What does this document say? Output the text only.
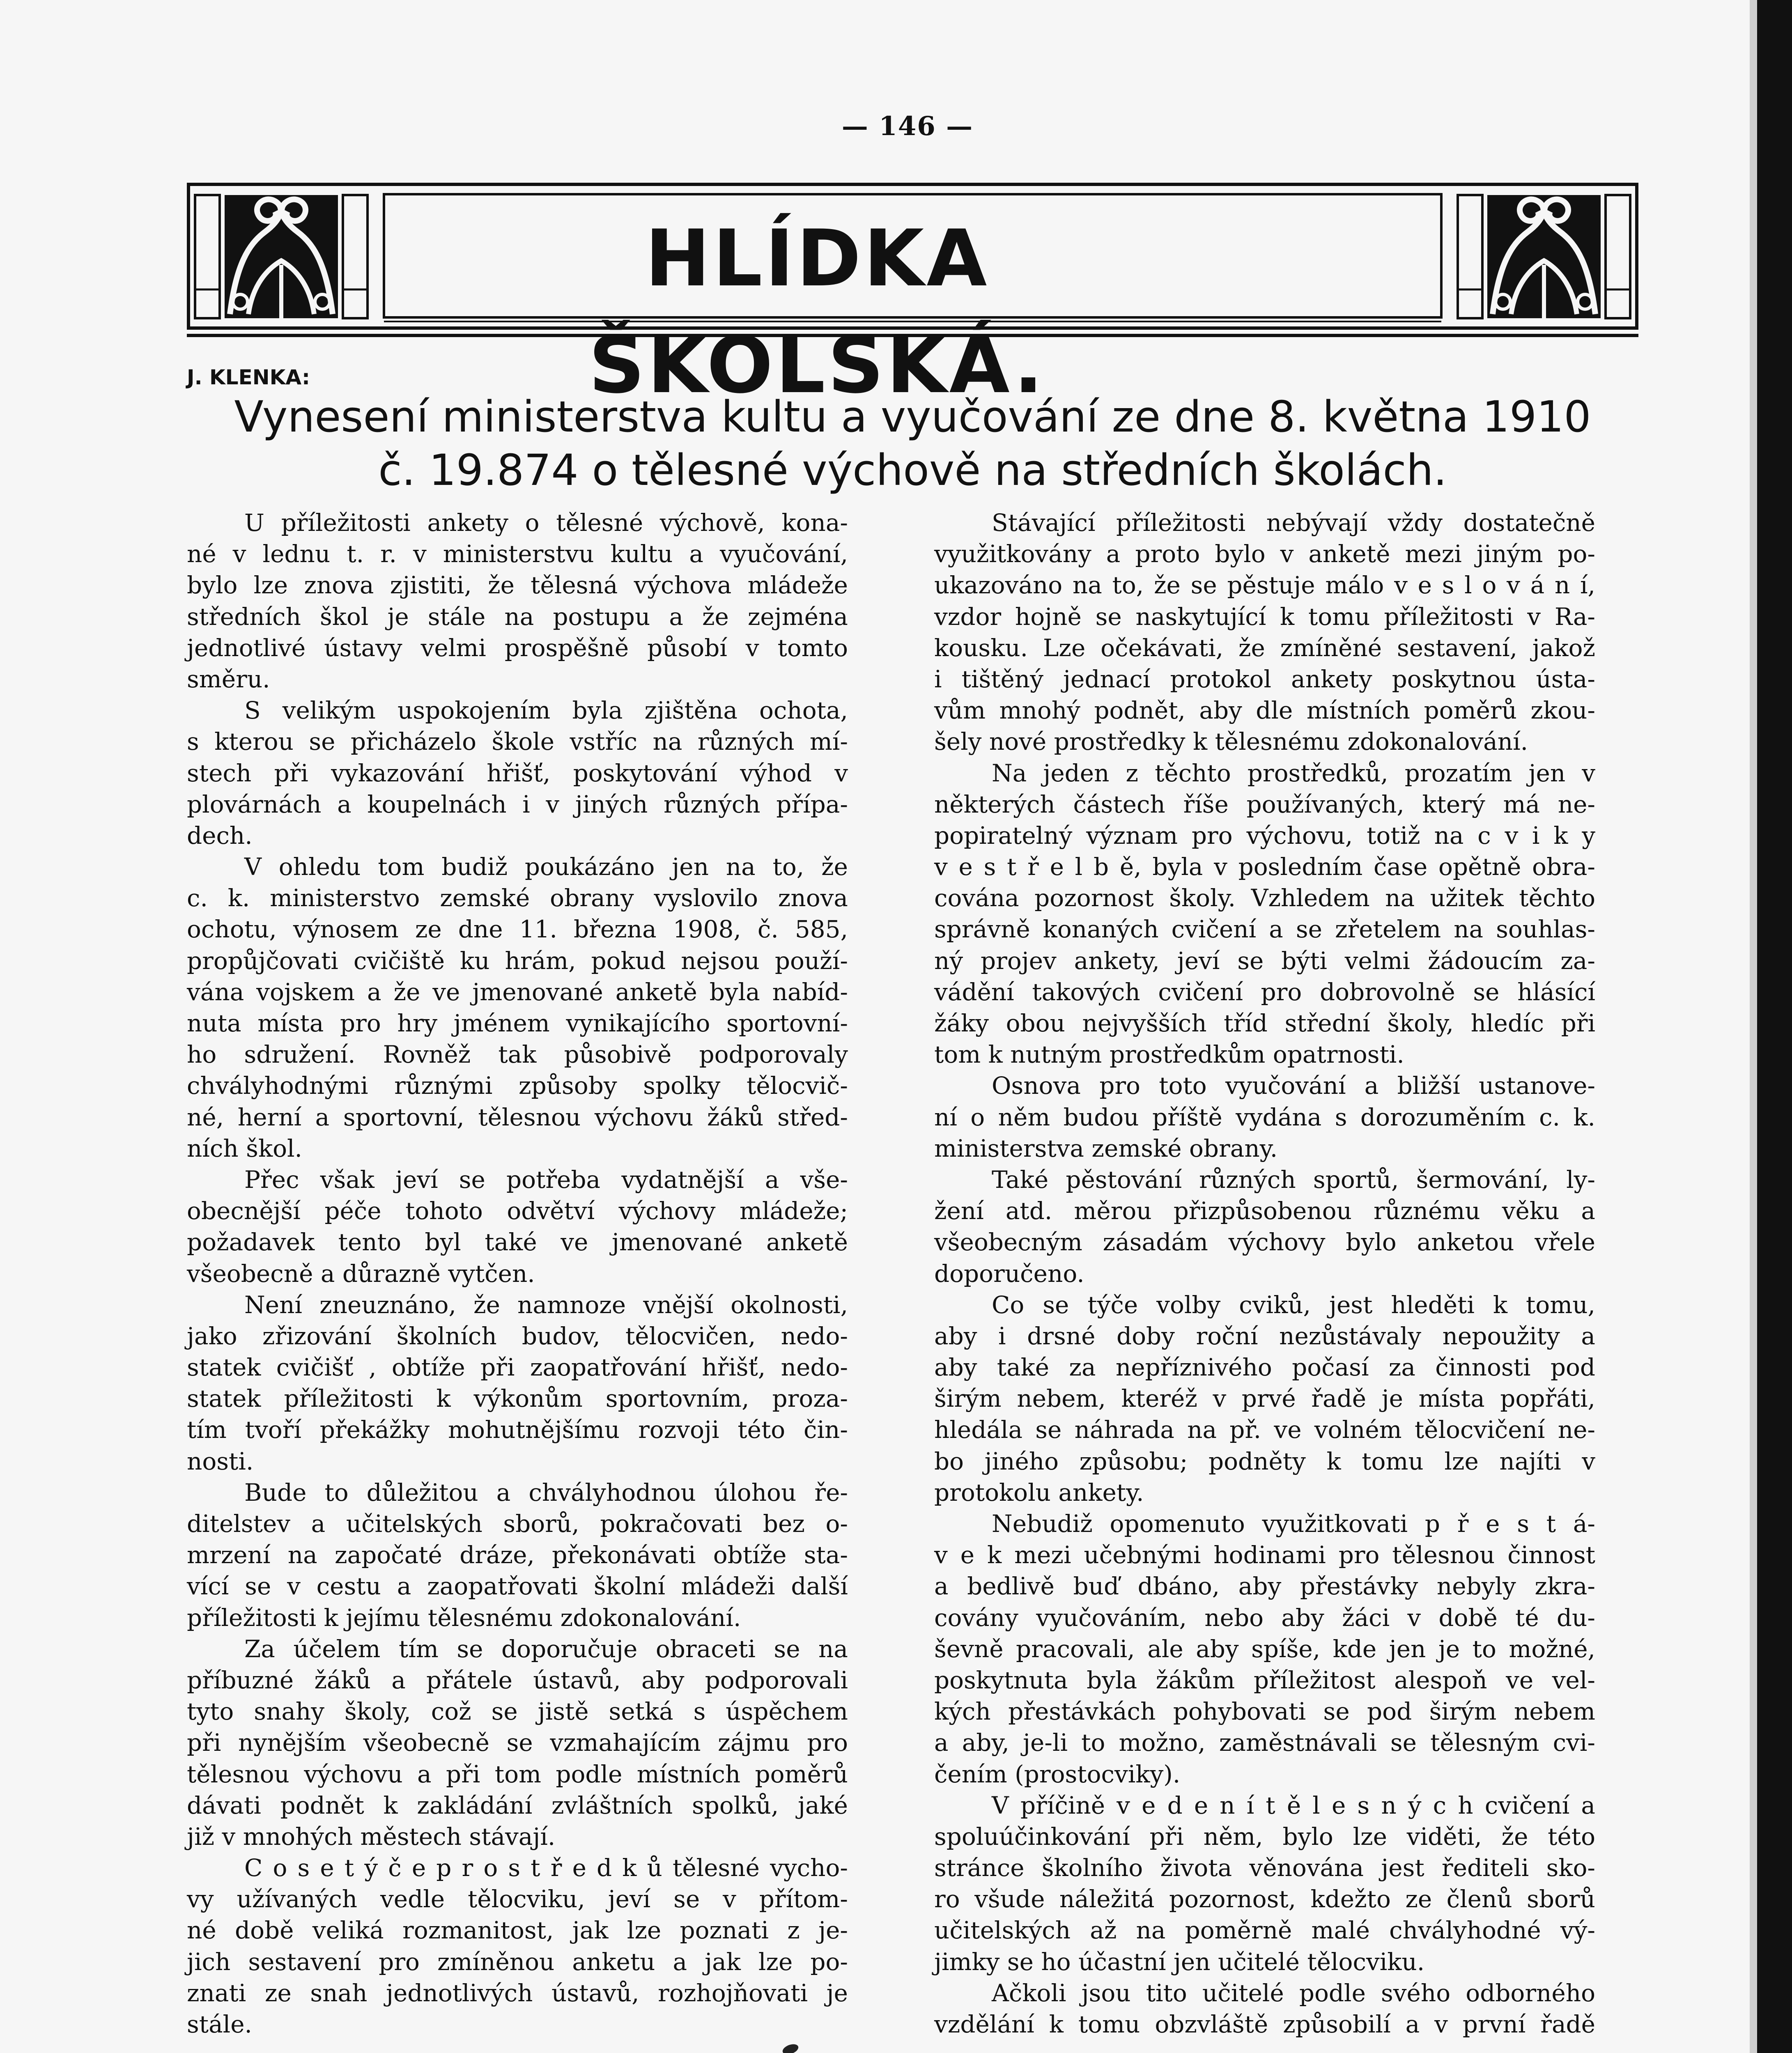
— 146 —
HLÍDKA ŠKOLSKÁ.
J. KLENKA:
Vynesení ministerstva kultu a vyučování ze dne 8. května 1910
č. 19.874 o tělesné výchově na středních školách.
U příležitosti ankety o tělesné výchově, kona-
né v lednu t. r. v ministerstvu kultu a vyučování,
bylo lze znova zjistiti, že tělesná výchova mládeže
středních škol je stále na postupu a že zejména
jednotlivé ústavy velmi prospěšně působí v tomto
směru.
S velikým uspokojením byla zjištěna ochota,
s kterou se přicházelo škole vstříc na různých mí-
stech při vykazování hřišť, poskytování výhod v
plovárnách a koupelnách i v jiných různých přípa-
dech.
V ohledu tom budiž poukázáno jen na to, že
c. k. ministerstvo zemské obrany vyslovilo znova
ochotu, výnosem ze dne 11. března 1908, č. 585,
propůjčovati cvičiště ku hrám, pokud nejsou použí-
vána vojskem a že ve jmenované anketě byla nabíd-
nuta místa pro hry jménem vynikajícího sportovní-
ho sdružení. Rovněž tak působivě podporovaly
chvályhodnými různými způsoby spolky tělocvič-
né, herní a sportovní, tělesnou výchovu žáků střed-
ních škol.
Přec však jeví se potřeba vydatnější a vše-
obecnější péče tohoto odvětví výchovy mládeže;
požadavek tento byl také ve jmenované anketě
všeobecně a důrazně vytčen.
Není zneuznáno, že namnoze vnější okolnosti,
jako zřizování školních budov, tělocvičen, nedo-
statek cvičišť , obtíže při zaopatřování hřišť, nedo-
statek příležitosti k výkonům sportovním, proza-
tím tvoří překážky mohutnějšímu rozvoji této čin-
nosti.
Bude to důležitou a chvályhodnou úlohou ře-
ditelstev a učitelských sborů, pokračovati bez o-
mrzení na započaté dráze, překonávati obtíže sta-
vící se v cestu a zaopatřovati školní mládeži další
příležitosti k jejímu tělesnému zdokonalování.
Za účelem tím se doporučuje obraceti se na
příbuzné žáků a přátele ústavů, aby podporovali
tyto snahy školy, což se jistě setká s úspěchem
při nynějším všeobecně se vzmahajícím zájmu pro
tělesnou výchovu a při tom podle místních poměrů
dávati podnět k zakládání zvláštních spolků, jaké
již v mnohých městech stávají.
C o s e t ý č e p r o s t ř e d k ů tělesné vycho-
vy užívaných vedle tělocviku, jeví se v přítom-
né době veliká rozmanitost, jak lze poznati z je-
jich sestavení pro zmíněnou anketu a jak lze po-
znati ze snah jednotlivých ústavů, rozhojňovati je
stále.
Stávající příležitosti nebývají vždy dostatečně
využitkovány a proto bylo v anketě mezi jiným po-
ukazováno na to, že se pěstuje málo v e s l o v á n í,
vzdor hojně se naskytující k tomu příležitosti v Ra-
kousku. Lze očekávati, že zmíněné sestavení, jakož
i tištěný jednací protokol ankety poskytnou ústa-
vům mnohý podnět, aby dle místních poměrů zkou-
šely nové prostředky k tělesnému zdokonalování.
Na jeden z těchto prostředků, prozatím jen v
některých částech říše používaných, který má ne-
popiratelný význam pro výchovu, totiž na c v i k y
v e s t ř e l b ě, byla v posledním čase opětně obra-
cována pozornost školy. Vzhledem na užitek těchto
správně konaných cvičení a se zřetelem na souhlas-
ný projev ankety, jeví se býti velmi žádoucím za-
vádění takových cvičení pro dobrovolně se hlásící
žáky obou nejvyšších tříd střední školy, hledíc při
tom k nutným prostředkům opatrnosti.
Osnova pro toto vyučování a bližší ustanove-
ní o něm budou příště vydána s dorozuměním c. k.
ministerstva zemské obrany.
Také pěstování různých sportů, šermování, ly-
žení atd. měrou přizpůsobenou různému věku a
všeobecným zásadám výchovy bylo anketou vřele
doporučeno.
Co se týče volby cviků, jest hleděti k tomu,
aby i drsné doby roční nezůstávaly nepoužity a
aby také za nepříznivého počasí za činnosti pod
širým nebem, kteréž v prvé řadě je místa popřáti,
hledála se náhrada na př. ve volném tělocvičení ne-
bo jiného způsobu; podněty k tomu lze najíti v
protokolu ankety.
Nebudiž opomenuto využitkovati p ř e s t á-
v e k mezi učebnými hodinami pro tělesnou činnost
a bedlivě buď dbáno, aby přestávky nebyly zkra-
covány vyučováním, nebo aby žáci v době té du-
ševně pracovali, ale aby spíše, kde jen je to možné,
poskytnuta byla žákům příležitost alespoň ve vel-
kých přestávkách pohybovati se pod širým nebem
a aby, je-li to možno, zaměstnávali se tělesným cvi-
čením (prostocviky).
V příčině v e d e n í t ě l e s n ý c h cvičení a
spoluúčinkování při něm, bylo lze viděti, že této
stránce školního života věnována jest řediteli sko-
ro všude náležitá pozornost, kdežto ze členů sborů
učitelských až na poměrně malé chvályhodné vý-
jimky se ho účastní jen učitelé tělocviku.
Ačkoli jsou tito učitelé podle svého odborného
vzdělání k tomu obzvláště způsobilí a v první řadě
